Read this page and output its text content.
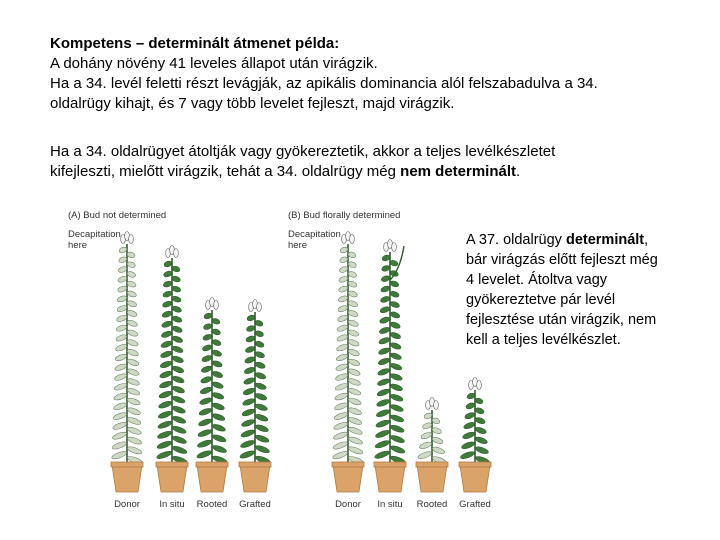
Kompetens – determinált átmenet példa:
A dohány növény 41 leveles állapot után virágzik.
Ha a 34. levél feletti részt levágják, az apikális dominancia alól felszabadulva a 34.
oldalrügy kihajt, és 7 vagy több levelet fejleszt, majd virágzik.
Ha a 34. oldalrügyet átoltják vagy gyökereztetik, akkor a teljes levélkészletet
kifejleszti, mielőtt virágzik, tehát a 34. oldalrügy még nem determinált.
(A) Bud not determined
Decapitation
here
Donor In situ Rooted Grafted
(B) Bud florally determined
Decapitation
here
Donor In situ Rooted Grafted
A 37. oldalrügy determinált,
bár virágzás előtt fejleszt még
4 levelet. Átoltva vagy
gyökereztetve pár levél
fejlesztése után virágzik, nem
kell a teljes levélkészlet.
